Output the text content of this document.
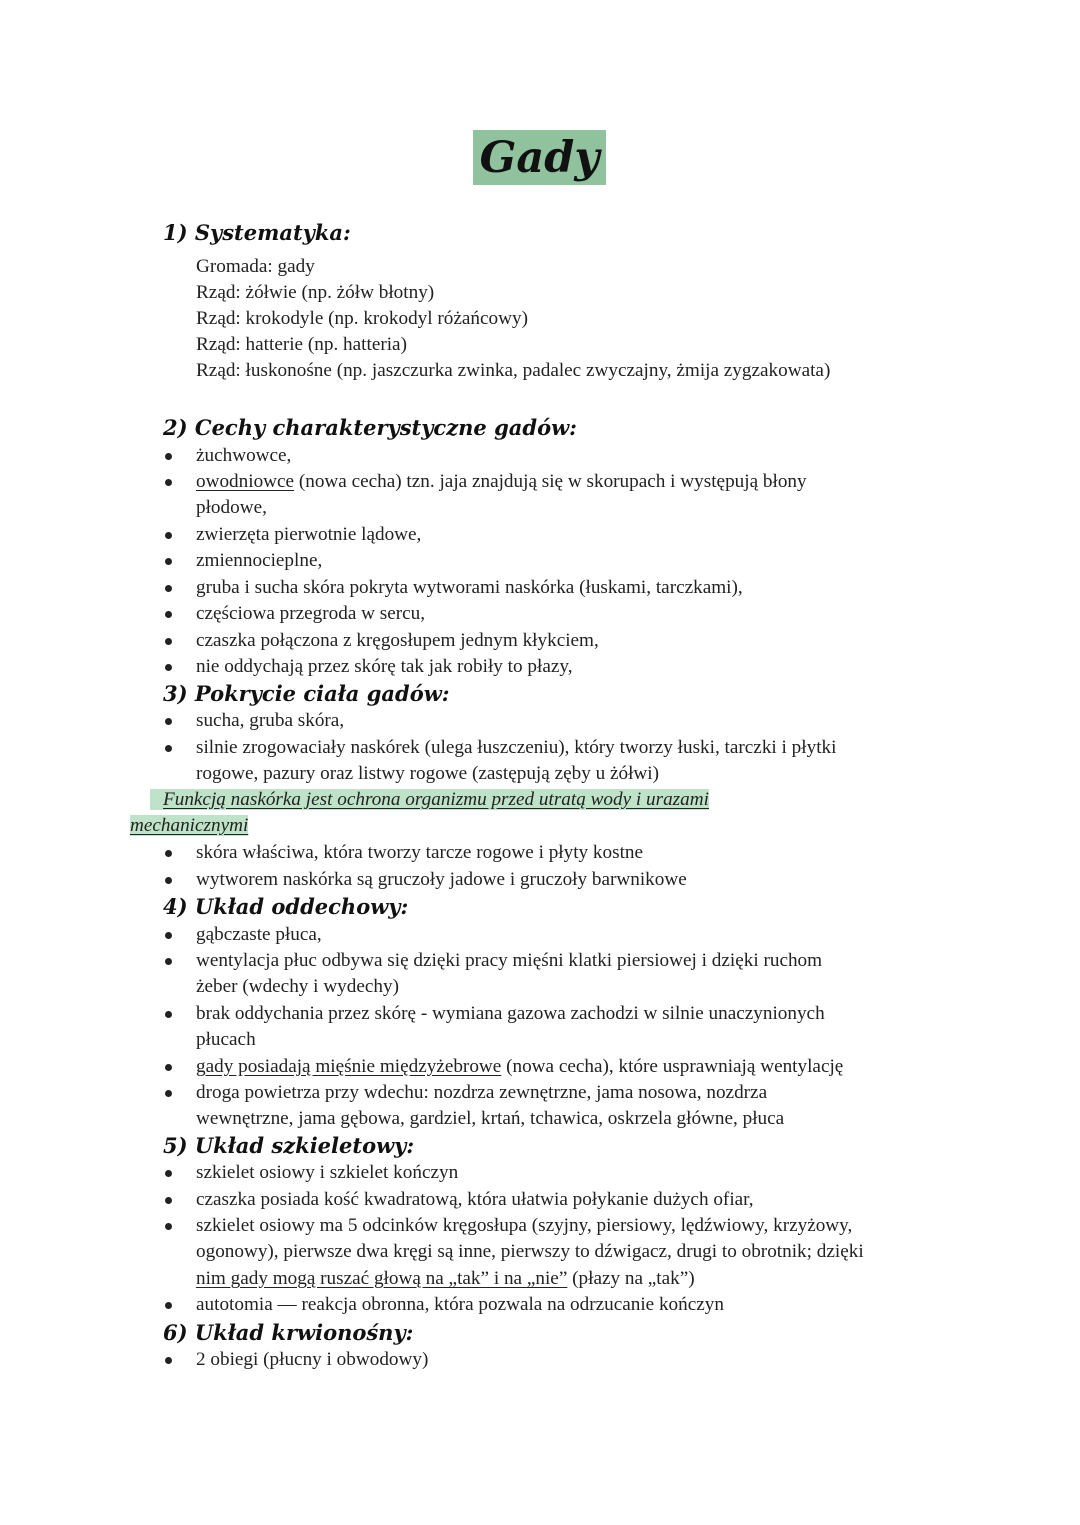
Gady
1) Systematyka:
Gromada: gady
Rząd: żółwie (np. żółw błotny)
Rząd: krokodyle (np. krokodyl różańcowy)
Rząd: hatterie (np. hatteria)
Rząd: łuskonośne (np. jaszczurka zwinka, padalec zwyczajny, żmija zygzakowata)
2) Cechy charakterystyczne gadów:
żuchwowce,
owodniowce (nowa cecha) tzn. jaja znajdują się w skorupach i występują błony
płodowe,
zwierzęta pierwotnie lądowe,
zmiennocieplne,
gruba i sucha skóra pokryta wytworami naskórka (łuskami, tarczkami),
częściowa przegroda w sercu,
czaszka połączona z kręgosłupem jednym kłykciem,
nie oddychają przez skórę tak jak robiły to płazy,
3) Pokrycie ciała gadów:
sucha, gruba skóra,
silnie zrogowaciały naskórek (ulega łuszczeniu), który tworzy łuski, tarczki i płytki
rogowe, pazury oraz listwy rogowe (zastępują zęby u żółwi)
Funkcją naskórka jest ochrona organizmu przed utratą wody i urazami
mechanicznymi
skóra właściwa, która tworzy tarcze rogowe i płyty kostne
wytworem naskórka są gruczoły jadowe i gruczoły barwnikowe
4) Układ oddechowy:
gąbczaste płuca,
wentylacja płuc odbywa się dzięki pracy mięśni klatki piersiowej i dzięki ruchom
żeber (wdechy i wydechy)
brak oddychania przez skórę - wymiana gazowa zachodzi w silnie unaczynionych
płucach
gady posiadają mięśnie międzyżebrowe (nowa cecha), które usprawniają wentylację
droga powietrza przy wdechu: nozdrza zewnętrzne, jama nosowa, nozdrza
wewnętrzne, jama gębowa, gardziel, krtań, tchawica, oskrzela główne, płuca
5) Układ szkieletowy:
szkielet osiowy i szkielet kończyn
czaszka posiada kość kwadratową, która ułatwia połykanie dużych ofiar,
szkielet osiowy ma 5 odcinków kręgosłupa (szyjny, piersiowy, lędźwiowy, krzyżowy,
ogonowy), pierwsze dwa kręgi są inne, pierwszy to dźwigacz, drugi to obrotnik; dzięki
nim gady mogą ruszać głową na „tak” i na „nie” (płazy na „tak”)
autotomia — reakcja obronna, która pozwala na odrzucanie kończyn
6) Układ krwionośny:
2 obiegi (płucny i obwodowy)
